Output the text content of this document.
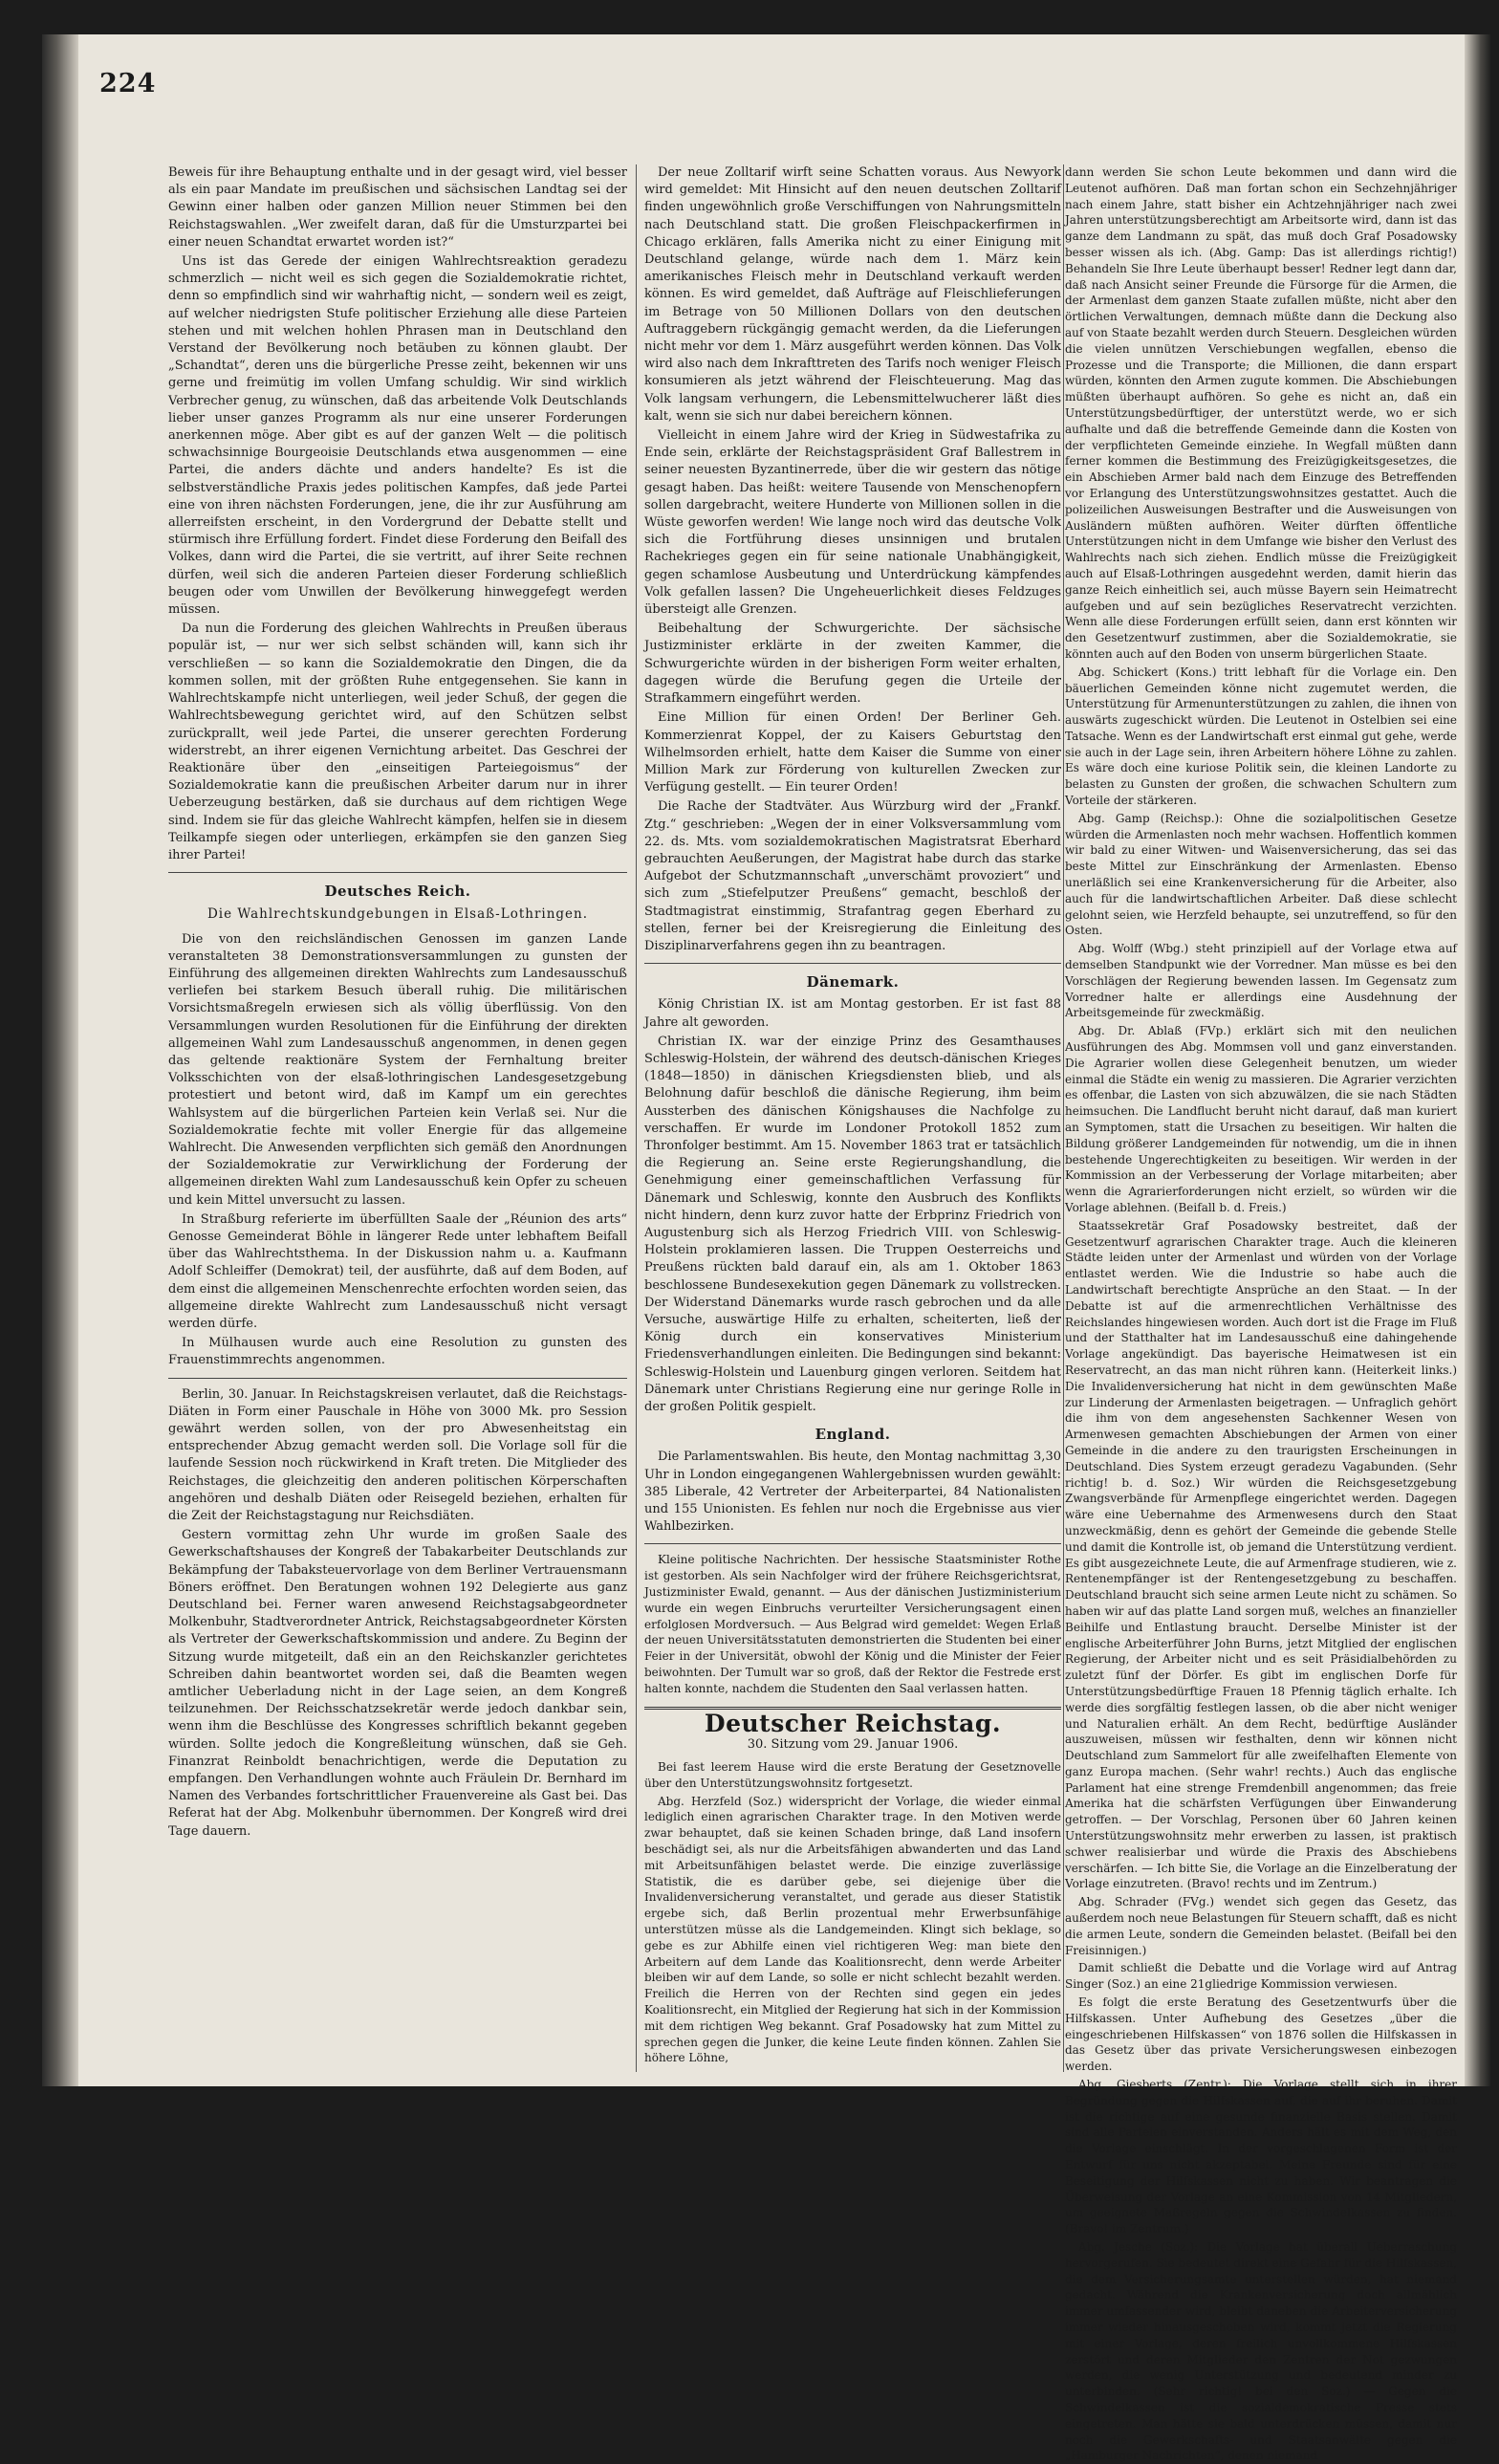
224

Beweis für ihre Behauptung enthalte und in der gesagt wird, viel besser als ein paar Mandate im preußischen und sächsischen Landtag sei der Gewinn einer halben oder ganzen Million neuer Stimmen bei den Reichstagswahlen. „Wer zweifelt daran, daß für die Umsturzpartei bei einer neuen Schandtat erwartet worden ist?“

Uns ist das Gerede der einigen Wahlrechtsreaktion geradezu schmerzlich — nicht weil es sich gegen die Sozialdemokratie richtet, denn so empfindlich sind wir wahrhaftig nicht, — sondern weil es zeigt, auf welcher niedrigsten Stufe politischer Erziehung alle diese Parteien stehen und mit welchen hohlen Phrasen man in Deutschland den Verstand der Bevölkerung noch betäuben zu können glaubt. Der „Schandtat“, deren uns die bürgerliche Presse zeiht, bekennen wir uns gerne und freimütig im vollen Umfang schuldig. Wir sind wirklich Verbrecher genug, zu wünschen, daß das arbeitende Volk Deutschlands lieber unser ganzes Programm als nur eine unserer Forderungen anerkennen möge. Aber gibt es auf der ganzen Welt — die politisch schwachsinnige Bourgeoisie Deutschlands etwa ausgenommen — eine Partei, die anders dächte und anders handelte? Es ist die selbstverständliche Praxis jedes politischen Kampfes, daß jede Partei eine von ihren nächsten Forderungen, jene, die ihr zur Ausführung am allerreifsten erscheint, in den Vordergrund der Debatte stellt und stürmisch ihre Erfüllung fordert. Findet diese Forderung den Beifall des Volkes, dann wird die Partei, die sie vertritt, auf ihrer Seite rechnen dürfen, weil sich die anderen Parteien dieser Forderung schließlich beugen oder vom Unwillen der Bevölkerung hinweggefegt werden müssen.

Da nun die Forderung des gleichen Wahlrechts in Preußen überaus populär ist, — nur wer sich selbst schänden will, kann sich ihr verschließen — so kann die Sozialdemokratie den Dingen, die da kommen sollen, mit der größten Ruhe entgegensehen. Sie kann in Wahlrechtskampfe nicht unterliegen, weil jeder Schuß, der gegen die Wahlrechtsbewegung gerichtet wird, auf den Schützen selbst zurückprallt, weil jede Partei, die unserer gerechten Forderung widerstrebt, an ihrer eigenen Vernichtung arbeitet. Das Geschrei der Reaktionäre über den „einseitigen Parteiegoismus“ der Sozialdemokratie kann die preußischen Arbeiter darum nur in ihrer Ueberzeugung bestärken, daß sie durchaus auf dem richtigen Wege sind. Indem sie für das gleiche Wahlrecht kämpfen, helfen sie in diesem Teilkampfe siegen oder unterliegen, erkämpfen sie den ganzen Sieg ihrer Partei!

Deutsches Reich.
Die Wahlrechtskundgebungen in Elsaß-Lothringen.

Die von den reichsländischen Genossen im ganzen Lande veranstalteten 38 Demonstrationsversammlungen zu gunsten der Einführung des allgemeinen direkten Wahlrechts zum Landesausschuß verliefen bei starkem Besuch überall ruhig. Die militärischen Vorsichtsmaßregeln erwiesen sich als völlig überflüssig. Von den Versammlungen wurden Resolutionen für die Einführung der direkten allgemeinen Wahl zum Landesausschuß angenommen, in denen gegen das geltende reaktionäre System der Fernhaltung breiter Volksschichten von der elsaß-lothringischen Landesgesetzgebung protestiert und betont wird, daß im Kampf um ein gerechtes Wahlsystem auf die bürgerlichen Parteien kein Verlaß sei. Nur die Sozialdemokratie fechte mit voller Energie für das allgemeine Wahlrecht. Die Anwesenden verpflichten sich gemäß den Anordnungen der Sozialdemokratie zur Verwirklichung der Forderung der allgemeinen direkten Wahl zum Landesausschuß kein Opfer zu scheuen und kein Mittel unversucht zu lassen.

In Straßburg referierte im überfüllten Saale der „Réunion des arts“ Genosse Gemeinderat Böhle in längerer Rede unter lebhaftem Beifall über das Wahlrechtsthema. In der Diskussion nahm u. a. Kaufmann Adolf Schleiffer (Demokrat) teil, der ausführte, daß auf dem Boden, auf dem einst die allgemeinen Menschenrechte erfochten worden seien, das allgemeine direkte Wahlrecht zum Landesausschuß nicht versagt werden dürfe.

In Mülhausen wurde auch eine Resolution zu gunsten des Frauenstimmrechts angenommen.

Berlin, 30. Januar. In Reichstagskreisen verlautet, daß die Reichstags-Diäten in Form einer Pauschale in Höhe von 3000 Mk. pro Session gewährt werden sollen, von der pro Abwesenheitstag ein entsprechender Abzug gemacht werden soll. Die Vorlage soll für die laufende Session noch rückwirkend in Kraft treten. Die Mitglieder des Reichstages, die gleichzeitig den anderen politischen Körperschaften angehören und deshalb Diäten oder Reisegeld beziehen, erhalten für die Zeit der Reichstagstagung nur Reichsdiäten.

Gestern vormittag zehn Uhr wurde im großen Saale des Gewerkschaftshauses der Kongreß der Tabakarbeiter Deutschlands zur Bekämpfung der Tabaksteuervorlage von dem Berliner Vertrauensmann Böners eröffnet. Den Beratungen wohnen 192 Delegierte aus ganz Deutschland bei. Ferner waren anwesend Reichstagsabgeordneter Molkenbuhr, Stadtverordneter Antrick, Reichstagsabgeordneter Körsten als Vertreter der Gewerkschaftskommission und andere. Zu Beginn der Sitzung wurde mitgeteilt, daß ein an den Reichskanzler gerichtetes Schreiben dahin beantwortet worden sei, daß die Beamten wegen amtlicher Ueberladung nicht in der Lage seien, an dem Kongreß teilzunehmen. Der Reichsschatzsekretär werde jedoch dankbar sein, wenn ihm die Beschlüsse des Kongresses schriftlich bekannt gegeben würden. Sollte jedoch die Kongreßleitung wünschen, daß sie Geh. Finanzrat Reinboldt benachrichtigen, werde die Deputation zu empfangen. Den Verhandlungen wohnte auch Fräulein Dr. Bernhard im Namen des Verbandes fortschrittlicher Frauenvereine als Gast bei. Das Referat hat der Abg. Molkenbuhr übernommen. Der Kongreß wird drei Tage dauern.

Der neue Zolltarif wirft seine Schatten voraus. Aus Newyork wird gemeldet: Mit Hinsicht auf den neuen deutschen Zolltarif finden ungewöhnlich große Verschiffungen von Nahrungsmitteln nach Deutschland statt. Die großen Fleischpackerfirmen in Chicago erklären, falls Amerika nicht zu einer Einigung mit Deutschland gelange, würde nach dem 1. März kein amerikanisches Fleisch mehr in Deutschland verkauft werden können. Es wird gemeldet, daß Aufträge auf Fleischlieferungen im Betrage von 50 Millionen Dollars von den deutschen Auftraggebern rückgängig gemacht werden, da die Lieferungen nicht mehr vor dem 1. März ausgeführt werden können. Das Volk wird also nach dem Inkrafttreten des Tarifs noch weniger Fleisch konsumieren als jetzt während der Fleischteuerung. Mag das Volk langsam verhungern, die Lebensmittelwucherer läßt dies kalt, wenn sie sich nur dabei bereichern können.

Vielleicht in einem Jahre wird der Krieg in Südwestafrika zu Ende sein, erklärte der Reichstagspräsident Graf Ballestrem in seiner neuesten Byzantinerrede, über die wir gestern das nötige gesagt haben. Das heißt: weitere Tausende von Menschenopfern sollen dargebracht, weitere Hunderte von Millionen sollen in die Wüste geworfen werden! Wie lange noch wird das deutsche Volk sich die Fortführung dieses unsinnigen und brutalen Rachekrieges gegen ein für seine nationale Unabhängigkeit, gegen schamlose Ausbeutung und Unterdrückung kämpfendes Volk gefallen lassen? Die Ungeheuerlichkeit dieses Feldzuges übersteigt alle Grenzen.

Beibehaltung der Schwurgerichte. Der sächsische Justizminister erklärte in der zweiten Kammer, die Schwurgerichte würden in der bisherigen Form weiter erhalten, dagegen würde die Berufung gegen die Urteile der Strafkammern eingeführt werden.

Eine Million für einen Orden! Der Berliner Geh. Kommerzienrat Koppel, der zu Kaisers Geburtstag den Wilhelmsorden erhielt, hatte dem Kaiser die Summe von einer Million Mark zur Förderung von kulturellen Zwecken zur Verfügung gestellt. — Ein teurer Orden!

Die Rache der Stadtväter. Aus Würzburg wird der „Frankf. Ztg.“ geschrieben: „Wegen der in einer Volksversammlung vom 22. ds. Mts. vom sozialdemokratischen Magistratsrat Eberhard gebrauchten Aeußerungen, der Magistrat habe durch das starke Aufgebot der Schutzmannschaft „unverschämt provoziert“ und sich zum „Stiefelputzer Preußens“ gemacht, beschloß der Stadtmagistrat einstimmig, Strafantrag gegen Eberhard zu stellen, ferner bei der Kreisregierung die Einleitung des Disziplinarverfahrens gegen ihn zu beantragen.

Dänemark.

König Christian IX. ist am Montag gestorben. Er ist fast 88 Jahre alt geworden.

Christian IX. war der einzige Prinz des Gesamthauses Schleswig-Holstein, der während des deutsch-dänischen Krieges (1848—1850) in dänischen Kriegsdiensten blieb, und als Belohnung dafür beschloß die dänische Regierung, ihm beim Aussterben des dänischen Königshauses die Nachfolge zu verschaffen. Er wurde im Londoner Protokoll 1852 zum Thronfolger bestimmt. Am 15. November 1863 trat er tatsächlich die Regierung an. Seine erste Regierungshandlung, die Genehmigung einer gemeinschaftlichen Verfassung für Dänemark und Schleswig, konnte den Ausbruch des Konflikts nicht hindern, denn kurz zuvor hatte der Erbprinz Friedrich von Augustenburg sich als Herzog Friedrich VIII. von Schleswig-Holstein proklamieren lassen. Die Truppen Oesterreichs und Preußens rückten bald darauf ein, als am 1. Oktober 1863 beschlossene Bundesexekution gegen Dänemark zu vollstrecken. Der Widerstand Dänemarks wurde rasch gebrochen und da alle Versuche, auswärtige Hilfe zu erhalten, scheiterten, ließ der König durch ein konservatives Ministerium Friedensverhandlungen einleiten. Die Bedingungen sind bekannt: Schleswig-Holstein und Lauenburg gingen verloren. Seitdem hat Dänemark unter Christians Regierung eine nur geringe Rolle in der großen Politik gespielt.

England.

Die Parlamentswahlen. Bis heute, den Montag nachmittag 3,30 Uhr in London eingegangenen Wahlergebnissen wurden gewählt: 385 Liberale, 42 Vertreter der Arbeiterpartei, 84 Nationalisten und 155 Unionisten. Es fehlen nur noch die Ergebnisse aus vier Wahlbezirken.

Kleine politische Nachrichten. Der hessische Staatsminister Rothe ist gestorben. Als sein Nachfolger wird der frühere Reichsgerichtsrat, Justizminister Ewald, genannt. — Aus der dänischen Justizministerium wurde ein wegen Einbruchs verurteilter Versicherungsagent einen erfolglosen Mordversuch. — Aus Belgrad wird gemeldet: Wegen Erlaß der neuen Universitätsstatuten demonstrierten die Studenten bei einer Feier in der Universität, obwohl der König und die Minister der Feier beiwohnten. Der Tumult war so groß, daß der Rektor die Festrede erst halten konnte, nachdem die Studenten den Saal verlassen hatten.

Deutscher Reichstag.
30. Sitzung vom 29. Januar 1906.

Bei fast leerem Hause wird die erste Beratung der Gesetznovelle über den Unterstützungswohnsitz fortgesetzt.

Abg. Herzfeld (Soz.) widerspricht der Vorlage, die wieder einmal lediglich einen agrarischen Charakter trage. In den Motiven werde zwar behauptet, daß sie keinen Schaden bringe, daß Land insofern beschädigt sei, als nur die Arbeitsfähigen abwanderten und das Land mit Arbeitsunfähigen belastet werde. Die einzige zuverlässige Statistik, die es darüber gebe, sei diejenige über die Invalidenversicherung veranstaltet, und gerade aus dieser Statistik ergebe sich, daß Berlin prozentual mehr Erwerbsunfähige unterstützen müsse als die Landgemeinden. Klingt sich beklage, so gebe es zur Abhilfe einen viel richtigeren Weg: man biete den Arbeitern auf dem Lande das Koalitionsrecht, denn werde Arbeiter bleiben wir auf dem Lande, so solle er nicht schlecht bezahlt werden. Freilich die Herren von der Rechten sind gegen ein jedes Koalitionsrecht, ein Mitglied der Regierung hat sich in der Kommission mit dem richtigen Weg bekannt. Graf Posadowsky hat zum Mittel zu sprechen gegen die Junker, die keine Leute finden können. Zahlen Sie höhere Löhne,

dann werden Sie schon Leute bekommen und dann wird die Leutenot aufhören. Daß man fortan schon ein Sechzehnjähriger nach einem Jahre, statt bisher ein Achtzehnjähriger nach zwei Jahren unterstützungsberechtigt am Arbeitsorte wird, dann ist das ganze dem Landmann zu spät, das muß doch Graf Posadowsky besser wissen als ich. (Abg. Gamp: Das ist allerdings richtig!) Behandeln Sie Ihre Leute überhaupt besser! Redner legt dann dar, daß nach Ansicht seiner Freunde die Fürsorge für die Armen, die der Armenlast dem ganzen Staate zufallen müßte, nicht aber den örtlichen Verwaltungen, demnach müßte dann die Deckung also auf von Staate bezahlt werden durch Steuern. Desgleichen würden die vielen unnützen Verschiebungen wegfallen, ebenso die Prozesse und die Transporte; die Millionen, die dann erspart würden, könnten den Armen zugute kommen. Die Abschiebungen müßten überhaupt aufhören. So gehe es nicht an, daß ein Unterstützungsbedürftiger, der unterstützt werde, wo er sich aufhalte und daß die betreffende Gemeinde dann die Kosten von der verpflichteten Gemeinde einziehe. In Wegfall müßten dann ferner kommen die Bestimmung des Freizügigkeitsgesetzes, die ein Abschieben Armer bald nach dem Einzuge des Betreffenden vor Erlangung des Unterstützungswohnsitzes gestattet. Auch die polizeilichen Ausweisungen Bestrafter und die Ausweisungen von Ausländern müßten aufhören. Weiter dürften öffentliche Unterstützungen nicht in dem Umfange wie bisher den Verlust des Wahlrechts nach sich ziehen. Endlich müsse die Freizügigkeit auch auf Elsaß-Lothringen ausgedehnt werden, damit hierin das ganze Reich einheitlich sei, auch müsse Bayern sein Heimatrecht aufgeben und auf sein bezügliches Reservatrecht verzichten. Wenn alle diese Forderungen erfüllt seien, dann erst könnten wir den Gesetzentwurf zustimmen, aber die Sozialdemokratie, sie könnten auch auf den Boden von unserm bürgerlichen Staate.

Abg. Schickert (Kons.) tritt lebhaft für die Vorlage ein. Den bäuerlichen Gemeinden könne nicht zugemutet werden, die Unterstützung für Armenunterstützungen zu zahlen, die ihnen von auswärts zugeschickt würden. Die Leutenot in Ostelbien sei eine Tatsache. Wenn es der Landwirtschaft erst einmal gut gehe, werde sie auch in der Lage sein, ihren Arbeitern höhere Löhne zu zahlen. Es wäre doch eine kuriose Politik sein, die kleinen Landorte zu belasten zu Gunsten der großen, die schwachen Schultern zum Vorteile der stärkeren.

Abg. Gamp (Reichsp.): Ohne die sozialpolitischen Gesetze würden die Armenlasten noch mehr wachsen. Hoffentlich kommen wir bald zu einer Witwen- und Waisenversicherung, das sei das beste Mittel zur Einschränkung der Armenlasten. Ebenso unerläßlich sei eine Krankenversicherung für die Arbeiter, also auch für die landwirtschaftlichen Arbeiter. Daß diese schlecht gelohnt seien, wie Herzfeld behaupte, sei unzutreffend, so für den Osten.

Abg. Wolff (Wbg.) steht prinzipiell auf der Vorlage etwa auf demselben Standpunkt wie der Vorredner. Man müsse es bei den Vorschlägen der Regierung bewenden lassen. Im Gegensatz zum Vorredner halte er allerdings eine Ausdehnung der Arbeitsgemeinde für zweckmäßig.

Abg. Dr. Ablaß (FVp.) erklärt sich mit den neulichen Ausführungen des Abg. Mommsen voll und ganz einverstanden. Die Agrarier wollen diese Gelegenheit benutzen, um wieder einmal die Städte ein wenig zu massieren. Die Agrarier verzichten es offenbar, die Lasten von sich abzuwälzen, die sie nach Städten heimsuchen. Die Landflucht beruht nicht darauf, daß man kuriert an Symptomen, statt die Ursachen zu beseitigen. Wir halten die Bildung größerer Landgemeinden für notwendig, um die in ihnen bestehende Ungerechtigkeiten zu beseitigen. Wir werden in der Kommission an der Verbesserung der Vorlage mitarbeiten; aber wenn die Agrarierforderungen nicht erzielt, so würden wir die Vorlage ablehnen. (Beifall b. d. Freis.)

Staatssekretär Graf Posadowsky bestreitet, daß der Gesetzentwurf agrarischen Charakter trage. Auch die kleineren Städte leiden unter der Armenlast und würden von der Vorlage entlastet werden. Wie die Industrie so habe auch die Landwirtschaft berechtigte Ansprüche an den Staat. — In der Debatte ist auf die armenrechtlichen Verhältnisse des Reichslandes hingewiesen worden. Auch dort ist die Frage im Fluß und der Statthalter hat im Landesausschuß eine dahingehende Vorlage angekündigt. Das bayerische Heimatwesen ist ein Reservatrecht, an das man nicht rühren kann. (Heiterkeit links.) Die Invalidenversicherung hat nicht in dem gewünschten Maße zur Linderung der Armenlasten beigetragen. — Unfraglich gehört die ihm von dem angesehensten Sachkenner Wesen von Armenwesen gemachten Abschiebungen der Armen von einer Gemeinde in die andere zu den traurigsten Erscheinungen in Deutschland. Dies System erzeugt geradezu Vagabunden. (Sehr richtig! b. d. Soz.) Wir würden die Reichsgesetzgebung Zwangsverbände für Armenpflege eingerichtet werden. Dagegen wäre eine Uebernahme des Armenwesens durch den Staat unzweckmäßig, denn es gehört der Gemeinde die gebende Stelle und damit die Kontrolle ist, ob jemand die Unterstützung verdient. Es gibt ausgezeichnete Leute, die auf Armenfrage studieren, wie z. Rentenempfänger ist der Rentengesetzgebung zu beschaffen. Deutschland braucht sich seine armen Leute nicht zu schämen. So haben wir auf das platte Land sorgen muß, welches an finanzieller Beihilfe und Entlastung braucht. Derselbe Minister ist der englische Arbeiterführer John Burns, jetzt Mitglied der englischen Regierung, der Arbeiter nicht und es seit Präsidialbehörden zu zuletzt fünf der Dörfer. Es gibt im englischen Dorfe für Unterstützungsbedürftige Frauen 18 Pfennig täglich erhalte. Ich werde dies sorgfältig festlegen lassen, ob die aber nicht weniger und Naturalien erhält. An dem Recht, bedürftige Ausländer auszuweisen, müssen wir festhalten, denn wir können nicht Deutschland zum Sammelort für alle zweifelhaften Elemente von ganz Europa machen. (Sehr wahr! rechts.) Auch das englische Parlament hat eine strenge Fremdenbill angenommen; das freie Amerika hat die schärfsten Verfügungen über Einwanderung getroffen. — Der Vorschlag, Personen über 60 Jahren keinen Unterstützungswohnsitz mehr erwerben zu lassen, ist praktisch schwer realisierbar und würde die Praxis des Abschiebens verschärfen. — Ich bitte Sie, die Vorlage an die Einzelberatung der Vorlage einzutreten. (Bravo! rechts und im Zentrum.)

Abg. Schrader (FVg.) wendet sich gegen das Gesetz, das außerdem noch neue Belastungen für Steuern schafft, daß es nicht die armen Leute, sondern die Gemeinden belastet. (Beifall bei den Freisinnigen.)

Damit schließt die Debatte und die Vorlage wird auf Antrag Singer (Soz.) an eine 21gliedrige Kommission verwiesen.

Es folgt die erste Beratung des Gesetzentwurfs über die Hilfskassen. Unter Aufhebung des Gesetzes „über die eingeschriebenen Hilfskassen“ von 1876 sollen die Hilfskassen in das Gesetz über das private Versicherungswesen einbezogen werden.

Abg. Giesberts (Zentr.): Die Vorlage stellt sich in ihrer Begründung gegen die Hilfskassen auf, die auf ihr beruhen. Damit ist die richtige auf eine gesunde finanzielle Basis stellen. Damit sind alle Parteien einverstanden. Anders hält es mit dem Weg, den die Vorlage einschlägt. In der vorgeschlagenen Form ist der Entwurf für uns nicht akzeptabel. Meine Freunde sind für eine Beseitigung der Hilfskassen nicht zu haben. Wir beantragen die Überweisung der Vorlage an eine Kommission von 14 Mitgliedern, um geeignete Maßregeln gegen die Schwindelkassen zu finden. (Bravo! im Zentrum.)

Abg. Jesche (Soz.): Die Vorlage hat überall Ueberraschung hervorgerufen. Sie bedeutet direkt eine Gefahr für die Hilfskassen, die dem Versicherungsamte unterstellen würden, hat niemand gedacht. Während die Krankenversicherung doch allmählich immer umfassender wird, bleibt daneben die Arbeiterversicherung immer wieder hinausgeschoben wird, kommt jetzt die Regierung mit einer Vorlage, deren freilich unvollkommene Hilfskassen zerstört und deren Mitglieder den Zentren der Not gezwungen werden, die wenig Unterstützung und bedeutend minder zu unterbinden. (Sehr richtig! bei den Soz.) — Gegen die Schwindelkassen ist die sozialdemokratische Presse stets eingetreten. Man hätte sie bald unterdrücken müssen, damit nur noch die Gewerkschafts- und Staatsanwälte gegen die „Hamburger Nachrichten“, denen niemand
